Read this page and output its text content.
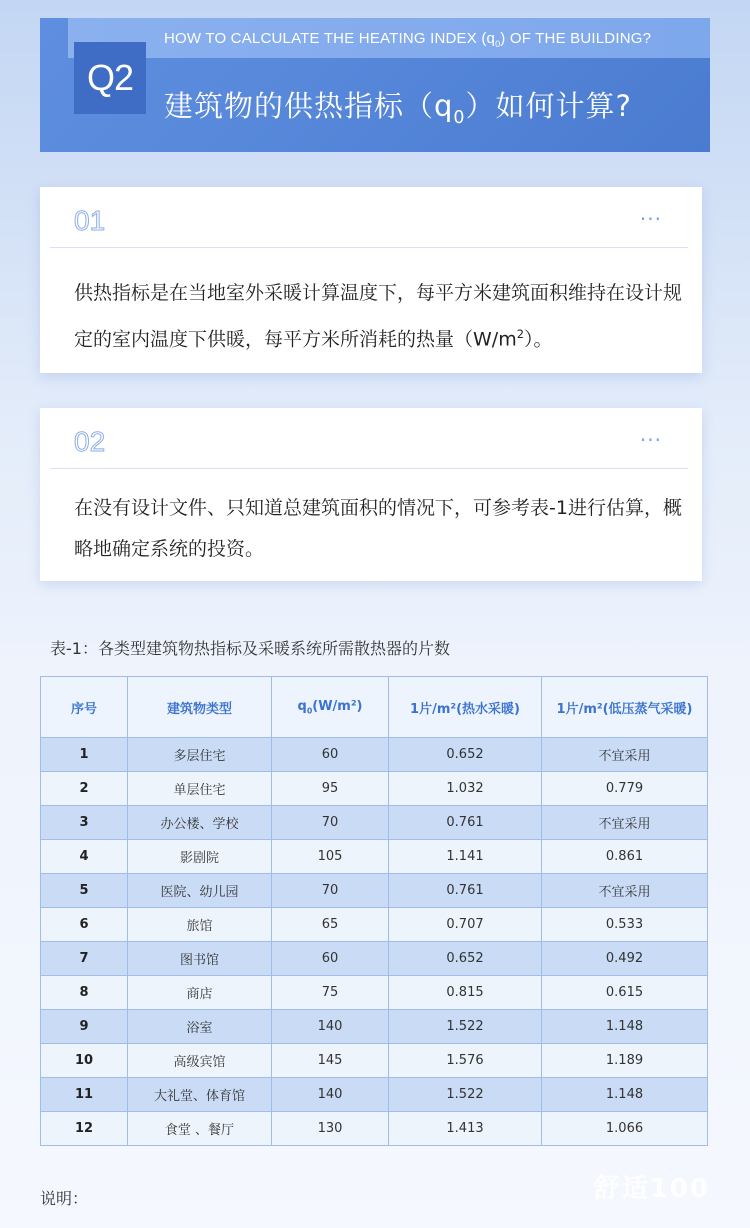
Q2
HOW TO CALCULATE THE HEATING INDEX $(q_0)$ OF THE BUILDING?
建筑物的供热指标$(q_0)$如何计算?
01	···

供热指标是在当地室外采暖计算温度下，每平方米建筑面积维持在设计规定的室内温度下供暖，每平方米所消耗的热量$(W/m^2)$。

02	···

在没有设计文件、只知道总建筑面积的情况下，可参考表-1进行估算，概略地确定系统的投资。

表-1：各类型建筑物热指标及采暖系统所需散热器的片数
序号	建筑物类型	$q_0(W/m^2)$	1片/m²(热水采暖)	1片/m²(低压蒸气采暖)
1	多层住宅	60	0.652	不宜采用
2	单层住宅	95	1.032	0.779
3	办公楼、学校	70	0.761	不宜采用
4	影剧院	105	1.141	0.861
5	医院、幼儿园	70	0.761	不宜采用
6	旅馆	65	0.707	0.533
7	图书馆	60	0.652	0.492
8	商店	75	0.815	0.615
9	浴室	140	1.522	1.148
10	高级宾馆	145	1.576	1.189
11	大礼堂、体育馆	140	1.522	1.148
12	食堂 、餐厅	130	1.413	1.066
说明：	舒适100
